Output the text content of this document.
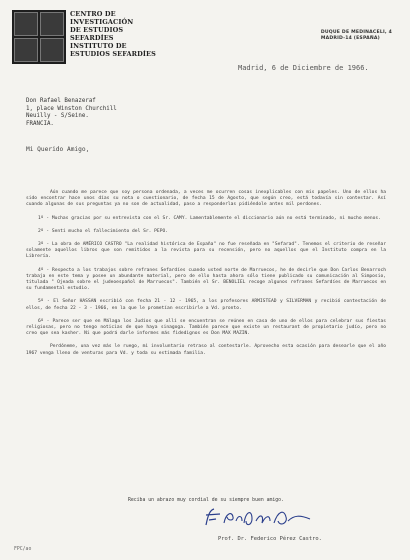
CENTRO DE INVESTIGACIÓN
DE ESTUDIOS SEFARDÍES
INSTITUTO DE ESTUDIOS SEFARDÍES
DUQUE DE MEDINACELI, 4
MADRID-14 (ESPAÑA)
Madrid, 6 de Diciembre de 1966.
Don Rafael Benazeraf
1, place Winston Churchill
Neuilly - S/Seine.
FRANCIA.
Mi Querido Amigo,

Aún cuando me parece que soy persona ordenada, a veces me ocurren cosas inexplicables con mis papeles. Uno de ellos ha sido encontrar hace unos días su nota o cuestionario, de fecha 15 de Agosto, que según creo, está todavía sin contestar. Así cuando algunas de sus preguntas ya no son de actualidad, paso a responderlas pidiéndole antes mil perdones.

1º - Muchas gracias por su entrevista con el Sr. CAMY. Lamentablemente el diccionario aún no está terminado, ni mucho menos.

2º - Sentí mucho el fallecimiento del Sr. PEPO.

3º - La obra de AMÉRICO CASTRO "La realidad histórica de España" no fue reseñada en "Sefarad". Tenemos el criterio de reseñar solamente aquellos libros que son remitidos a la revista para su recensión, pero no aquellos que el Instituto compra en la Librería.

4º - Respecto a los trabajos sobre refranes Sefardíes cuando usted norte de Marruecos, he de decirle que Don Carlos Benarroch trabaja en este tema y posee un abundante material, pero de ello hasta ahora sólo tiene publicado su comunicación al Simposio, titulada " Ojeada sobre el judeoespañol de Marruecos". También el Sr. BENOLIEL recoge algunos refranes Sefardíes de Marruecos en su fundamental estudio.

5º - El Señor HASSAN escribió con fecha 21 - 12 - 1965, a los profesores ARMISTEAD y SILVERMAN y recibió contestación de ellos, de fecha 22 - 3 - 1966, en la que le prometían escribirle a Vd. pronto.

6º - Parece ser que en Málaga los Judíos que allí se encuentran se reúnen en casa de uno de ellos para celebrar sus fiestas religiosas, pero no tengo noticias de que haya sinagoga. También parece que existe un restaurant de propietario judío, pero no creo que sea kasher. Ni que podrá darle informes más fidedignos es Don MAX MAZIN.

Perdóneme, una vez más le ruego, mi involuntario retraso al contestarle. Aprovecho esta ocasión para desearle que el año 1967 venga lleno de venturas para Vd. y toda su estimada familia.

Reciba un abrazo muy cordial de su siempre buen amigo.
Prof. Dr. Federico Pérez Castro.
FPC/ao
